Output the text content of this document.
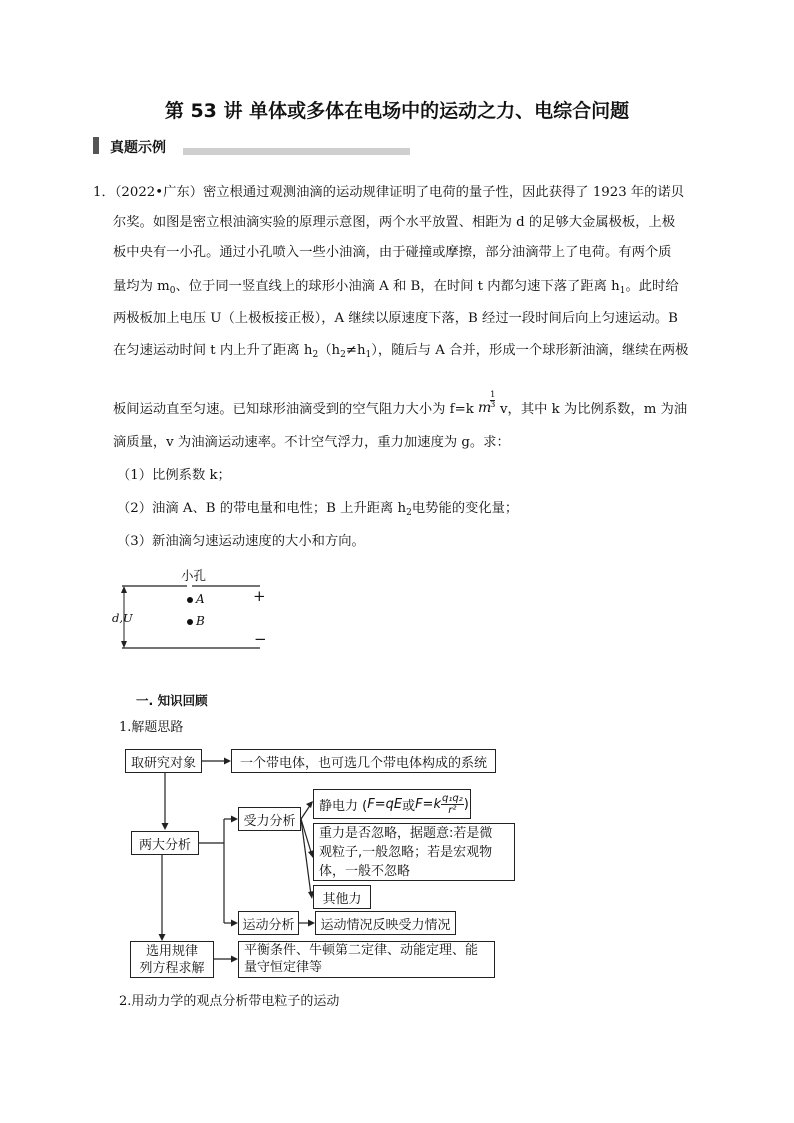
第 53 讲 单体或多体在电场中的运动之力、电综合问题
真题示例
1．（2022•广东）密立根通过观测油滴的运动规律证明了电荷的量子性，因此获得了 1923 年的诺贝
尔奖。如图是密立根油滴实验的原理示意图，两个水平放置、相距为 d 的足够大金属极板，上极
板中央有一小孔。通过小孔喷入一些小油滴，由于碰撞或摩擦，部分油滴带上了电荷。有两个质
量均为 $m_0$、位于同一竖直线上的球形小油滴 A 和 B，在时间 t 内都匀速下落了距离 $h_1$。此时给
两极板加上电压 U（上极板接正极），A 继续以原速度下落，B 经过一段时间后向上匀速运动。B
在匀速运动时间 t 内上升了距离 $h_2(h_2\ne h_1)$，随后与 A 合并，形成一个球形新油滴，继续在两极
板间运动直至匀速。已知球形油滴受到的空气阻力大小为 f=k m
$\frac{1}{3}$ v，其中 k 为比例系数，m 为油
滴质量，v 为油滴运动速率。不计空气浮力，重力加速度为 g。求：
（1）比例系数 k；
（2）油滴 A、B 的带电量和电性；B 上升距离 $h_2$电势能的变化量；
（3）新油滴匀速运动速度的大小和方向。
小孔
A
B
+
−
d,U
一. 知识回顾
1.解题思路
取研究对象	一个带电体，也可选几个带电体构成的系统
两大分析
受力分析
静电力 ( F=qE 或 $F=k \frac{\text{q₁q₂}}{\text{r²}}$ )
重力是否忽略，据题意:若是微
观粒子,一般忽略；若是宏观物
体，一般不忽略
其他力
运动分析	运动情况反映受力情况
选用规律
列方程求解
平衡条件、牛顿第二定律、动能定理、能
量守恒定律等
2.用动力学的观点分析带电粒子的运动
